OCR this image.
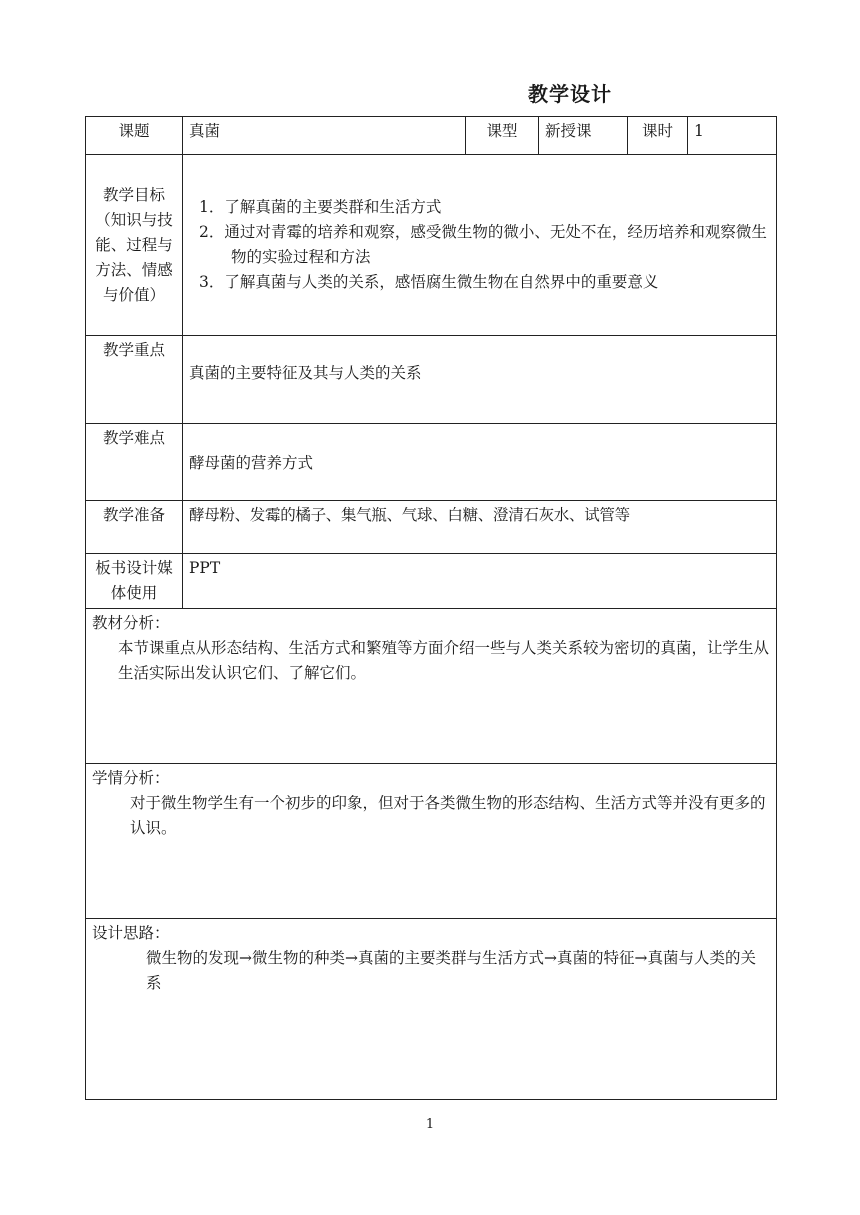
教学设计
课题	真菌	课型	新授课	课时	1
教学目标（知识与技能、过程与方法、情感与价值）	1．了解真菌的主要类群和生活方式
2．通过对青霉的培养和观察，感受微生物的微小、无处不在，经历培养和观察微生物的实验过程和方法
3．了解真菌与人类的关系，感悟腐生微生物在自然界中的重要意义				

教学重点	真菌的主要特征及其与人类的关系				
教学难点	酵母菌的营养方式				
教学准备	酵母粉、发霉的橘子、集气瓶、气球、白糖、澄清石灰水、试管等				
板书设计媒体使用	PPT				

教材分析：
本节课重点从形态结构、生活方式和繁殖等方面介绍一些与人类关系较为密切的真菌，让学生从生活实际出发认识它们、了解它们。					

学情分析：
对于微生物学生有一个初步的印象，但对于各类微生物的形态结构、生活方式等并没有更多的认识。					

设计思路：
微生物的发现→微生物的种类→真菌的主要类群与生活方式→真菌的特征→真菌与人类的关系					
1
